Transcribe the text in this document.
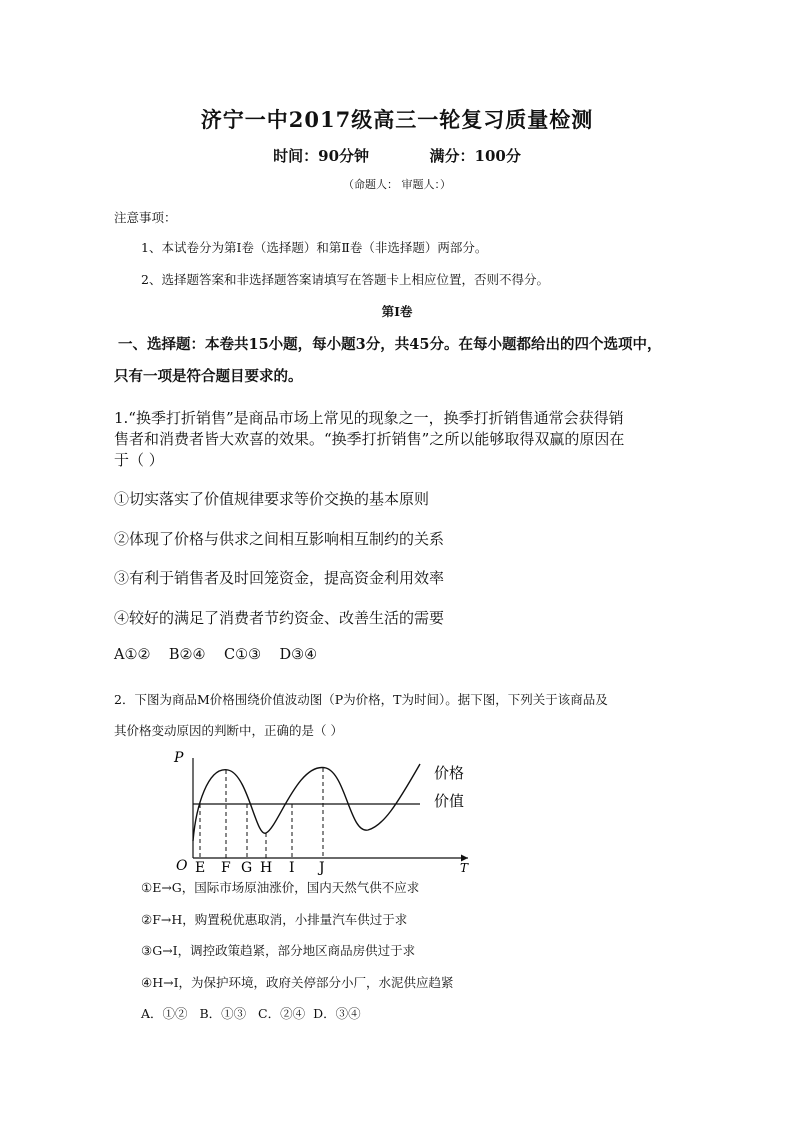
济宁一中2017级高三一轮复习质量检测
时间：90分钟	满分：100分
（命题人： 审题人：）
注意事项：
1、本试卷分为第Ⅰ卷（选择题）和第Ⅱ卷（非选择题）两部分。
2、选择题答案和非选择题答案请填写在答题卡上相应位置，否则不得分。
第Ⅰ卷
一、选择题：本卷共15小题，每小题3分，共45分。在每小题都给出的四个选项中，
只有一项是符合题目要求的。
1.“换季打折销售”是商品市场上常见的现象之一，换季打折销售通常会获得销
售者和消费者皆大欢喜的效果。“换季打折销售”之所以能够取得双赢的原因在
于（ ）
①切实落实了价值规律要求等价交换的基本原则
②体现了价格与供求之间相互影响相互制约的关系
③有利于销售者及时回笼资金，提高资金利用效率
④较好的满足了消费者节约资金、改善生活的需要
A①②    B②④    C①③    D③④
2．下图为商品M价格围绕价值波动图（P为价格，T为时间）。据下图，下列关于该商品及
其价格变动原因的判断中，正确的是（ ）
P
O	T
E F G H I J
价格
价值
①E→G，国际市场原油涨价，国内天然气供不应求
②F→H，购置税优惠取消，小排量汽车供过于求
③G→I，调控政策趋紧，部分地区商品房供过于求
④H→I，为保护环境，政府关停部分小厂，水泥供应趋紧
A．①②   B．①③   C．②④  D．③④
